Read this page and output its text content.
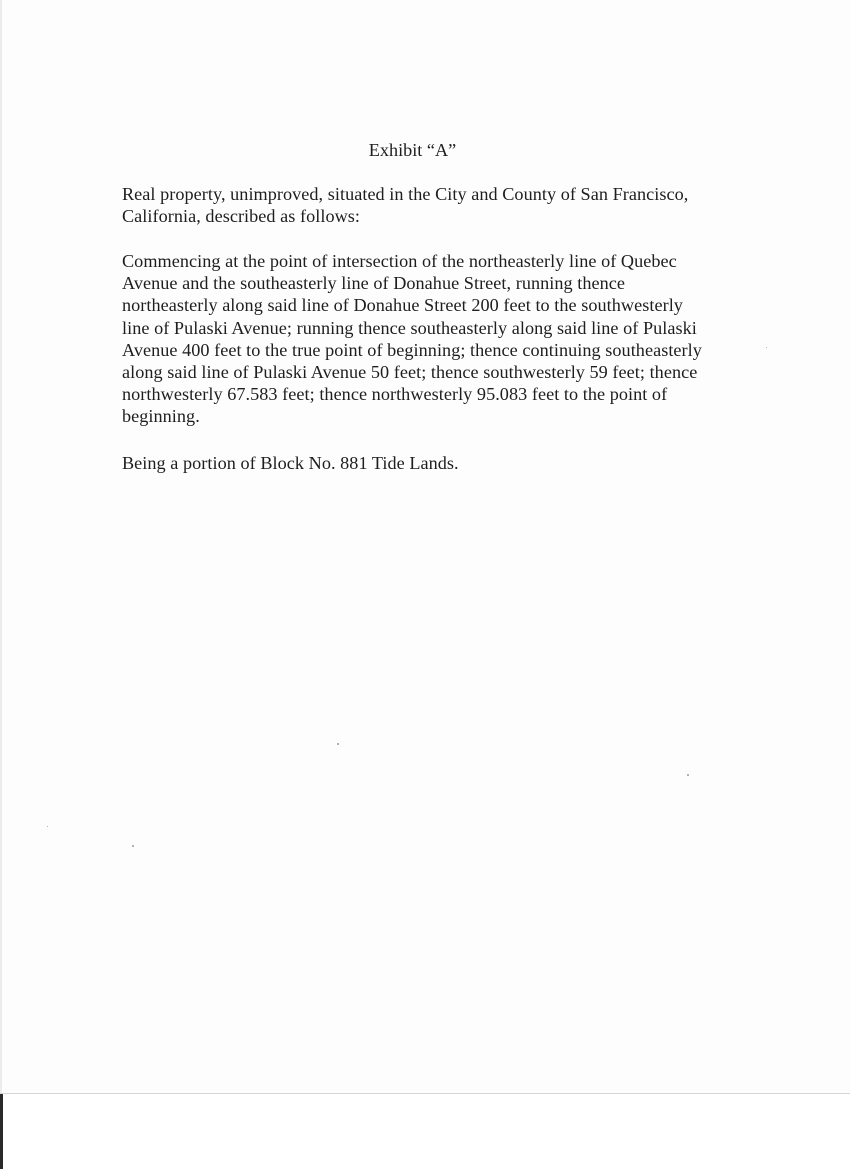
Exhibit “A”
Real property, unimproved, situated in the City and County of San Francisco,
California, described as follows:
Commencing at the point of intersection of the northeasterly line of Quebec
Avenue and the southeasterly line of Donahue Street, running thence
northeasterly along said line of Donahue Street 200 feet to the southwesterly
line of Pulaski Avenue; running thence southeasterly along said line of Pulaski
Avenue 400 feet to the true point of beginning; thence continuing southeasterly
along said line of Pulaski Avenue 50 feet; thence southwesterly 59 feet; thence
northwesterly 67.583 feet; thence northwesterly 95.083 feet to the point of
beginning.
Being a portion of Block No. 881 Tide Lands.
